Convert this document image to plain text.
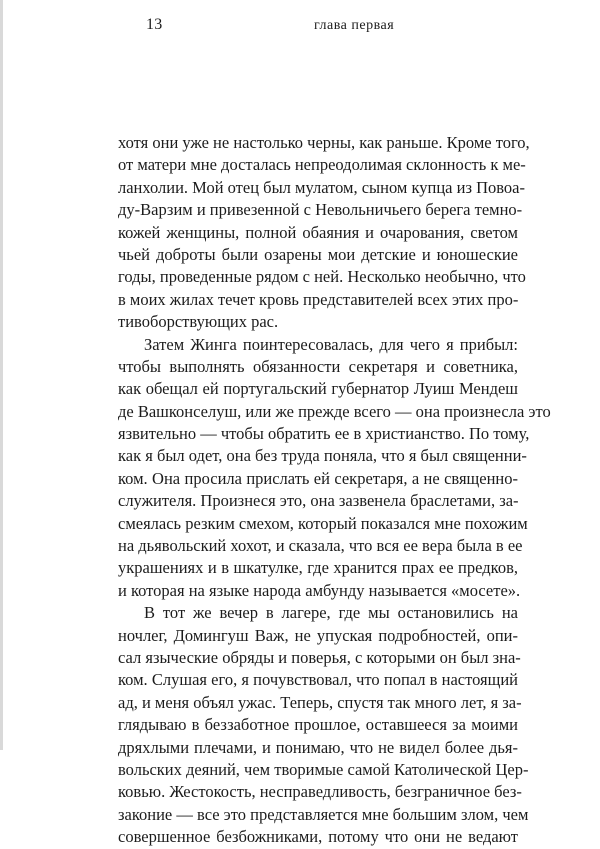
13	глава первая
хотя они уже не настолько черны, как раньше. Кроме того,
от матери мне досталась непреодолимая склонность к ме-
ланхолии. Мой отец был мулатом, сыном купца из Повоа-
ду-Варзим и привезенной с Невольничьего берега темно-
кожей женщины, полной обаяния и очарования, светом
чьей доброты были озарены мои детские и юношеские
годы, проведенные рядом с ней. Несколько необычно, что
в моих жилах течет кровь представителей всех этих про-
тивоборствующих рас.
Затем Жинга поинтересовалась, для чего я прибыл:
чтобы выполнять обязанности секретаря и советника,
как обещал ей португальский губернатор Луиш Мендеш
де Вашконселуш, или же прежде всего — она произнесла это
язвительно — чтобы обратить ее в христианство. По тому,
как я был одет, она без труда поняла, что я был священни-
ком. Она просила прислать ей секретаря, а не священно-
служителя. Произнеся это, она зазвенела браслетами, за-
смеялась резким смехом, который показался мне похожим
на дьявольский хохот, и сказала, что вся ее вера была в ее
украшениях и в шкатулке, где хранится прах ее предков,
и которая на языке народа амбунду называется «мосете».
В тот же вечер в лагере, где мы остановились на
ночлег, Домингуш Важ, не упуская подробностей, опи-
сал языческие обряды и поверья, с которыми он был зна-
ком. Слушая его, я почувствовал, что попал в настоящий
ад, и меня объял ужас. Теперь, спустя так много лет, я за-
глядываю в беззаботное прошлое, оставшееся за моими
дряхлыми плечами, и понимаю, что не видел более дья-
вольских деяний, чем творимые самой Католической Цер-
ковью. Жестокость, несправедливость, безграничное без-
законие — все это представляется мне большим злом, чем
совершенное безбожниками, потому что они не ведают
